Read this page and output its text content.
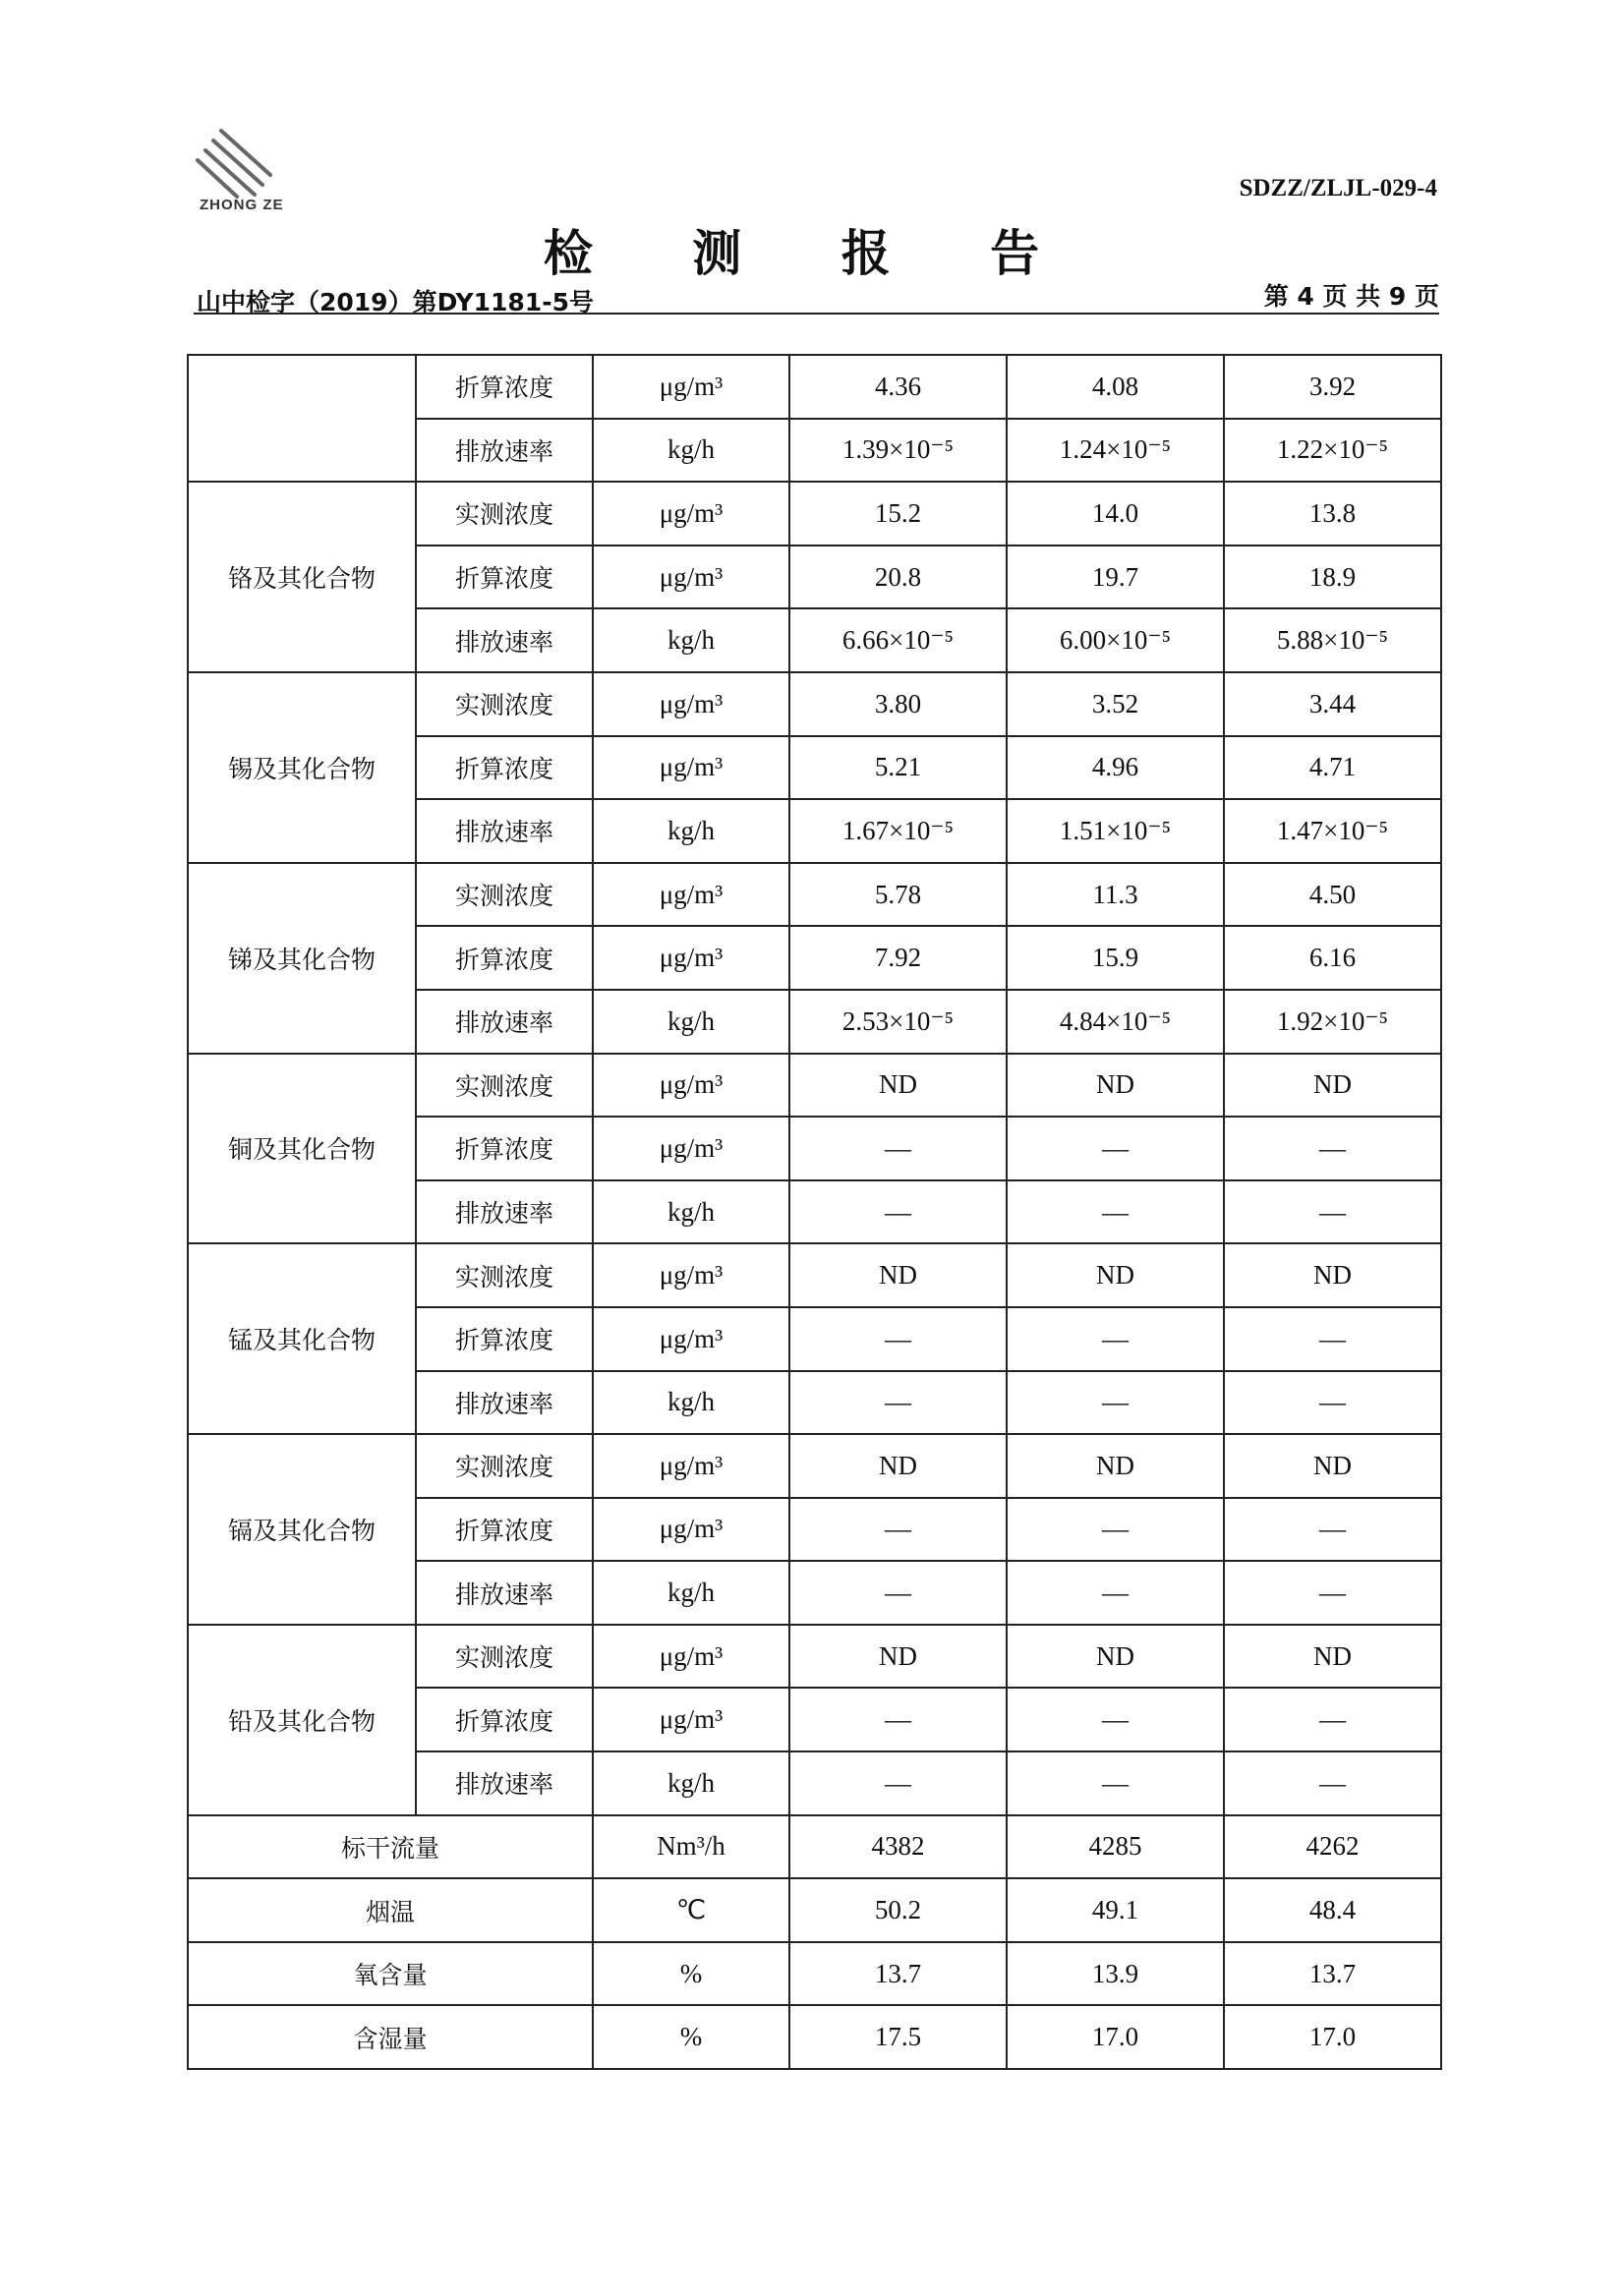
ZHONG ZE
SDZZ/ZLJL-029-4
检 测 报 告
山中检字（2019）第DY1181-5号	第 4 页 共 9 页
	折算浓度	μg/m³	4.36	4.08	3.92
	排放速率	kg/h	1.39×10⁻⁵	1.24×10⁻⁵	1.22×10⁻⁵
铬及其化合物	实测浓度	μg/m³	15.2	14.0	13.8
	折算浓度	μg/m³	20.8	19.7	18.9
	排放速率	kg/h	6.66×10⁻⁵	6.00×10⁻⁵	5.88×10⁻⁵
锡及其化合物	实测浓度	μg/m³	3.80	3.52	3.44
	折算浓度	μg/m³	5.21	4.96	4.71
	排放速率	kg/h	1.67×10⁻⁵	1.51×10⁻⁵	1.47×10⁻⁵
锑及其化合物	实测浓度	μg/m³	5.78	11.3	4.50
	折算浓度	μg/m³	7.92	15.9	6.16
	排放速率	kg/h	2.53×10⁻⁵	4.84×10⁻⁵	1.92×10⁻⁵
铜及其化合物	实测浓度	μg/m³	ND	ND	ND
	折算浓度	μg/m³	—	—	—
	排放速率	kg/h	—	—	—
锰及其化合物	实测浓度	μg/m³	ND	ND	ND
	折算浓度	μg/m³	—	—	—
	排放速率	kg/h	—	—	—
镉及其化合物	实测浓度	μg/m³	ND	ND	ND
	折算浓度	μg/m³	—	—	—
	排放速率	kg/h	—	—	—
铅及其化合物	实测浓度	μg/m³	ND	ND	ND
	折算浓度	μg/m³	—	—	—
	排放速率	kg/h	—	—	—
标干流量		Nm³/h	4382	4285	4262
烟温		℃	50.2	49.1	48.4
氧含量		%	13.7	13.9	13.7
含湿量		%	17.5	17.0	17.0
